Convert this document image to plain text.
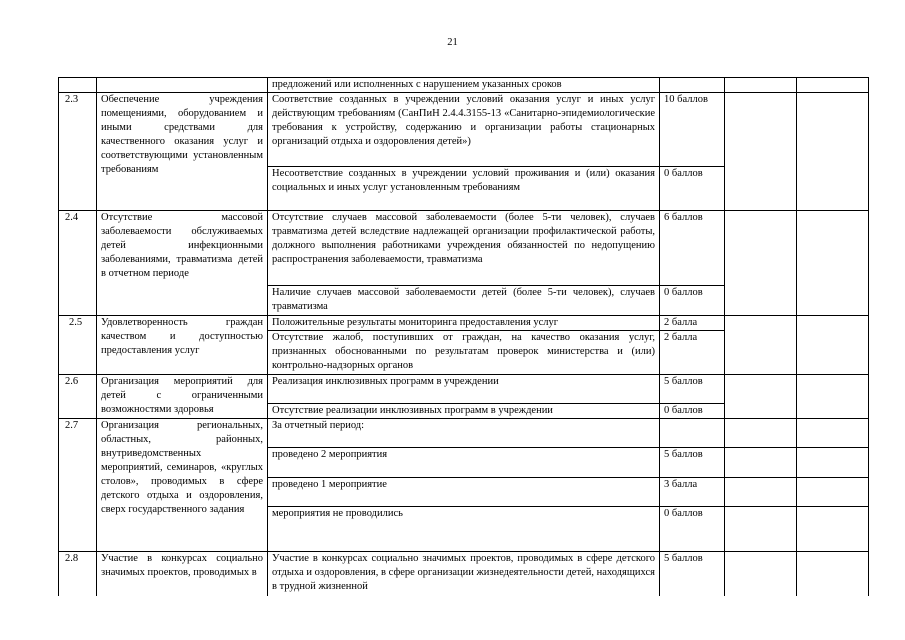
21
		предложений или исполненных с нарушением указанных сроков			
2.3	Обеспечение учреждения помещениями, оборудованием и иными средствами для качественного оказания услуг и соответствующими установленным требованиям	Соответствие созданных в учреждении условий оказания услуг и иных услуг действующим требованиям (СанПиН 2.4.4.3155-13 «Санитарно-эпидемиологические требования к устройству, содержанию и организации работы стационарных организаций отдыха и оздоровления детей»)	10 баллов		
		Несоответствие созданных в учреждении условий проживания и (или) оказания социальных и иных услуг установленным требованиям	0 баллов		
2.4	Отсутствие массовой заболеваемости обслуживаемых детей инфекционными заболеваниями, травматизма детей в отчетном периоде	Отсутствие случаев массовой заболеваемости (более 5-ти человек), случаев травматизма детей вследствие надлежащей организации профилактической работы, должного выполнения работниками учреждения обязанностей по недопущению распространения заболеваемости, травматизма	6 баллов		
		Наличие случаев массовой заболеваемости детей (более 5-ти человек), случаев травматизма	0 баллов		
2.5	Удовлетворенность граждан качеством и доступностью предоставления услуг	Положительные результаты мониторинга предоставления услуг	2 балла		
		Отсутствие жалоб, поступивших от граждан, на качество оказания услуг, признанных обоснованными по результатам проверок министерства и (или) контрольно-надзорных органов	2 балла		
2.6	Организация мероприятий для детей с ограниченными возможностями здоровья	Реализация инклюзивных программ в учреждении	5 баллов		
		Отсутствие реализации инклюзивных программ в учреждении	0 баллов		
2.7	Организация региональных, областных, районных, внутриведомственных мероприятий, семинаров, «круглых столов», проводимых в сфере детского отдыха и оздоровления, сверх государственного задания	За отчетный период:			
		проведено 2 мероприятия	5 баллов		
		проведено 1 мероприятие	3 балла		
		мероприятия не проводились	0 баллов		
2.8	Участие в конкурсах социально значимых проектов, проводимых в	Участие в конкурсах социально значимых проектов, проводимых в сфере детского отдыха и оздоровления, в сфере организации жизнедеятельности детей, находящихся в трудной жизненной	5 баллов		
